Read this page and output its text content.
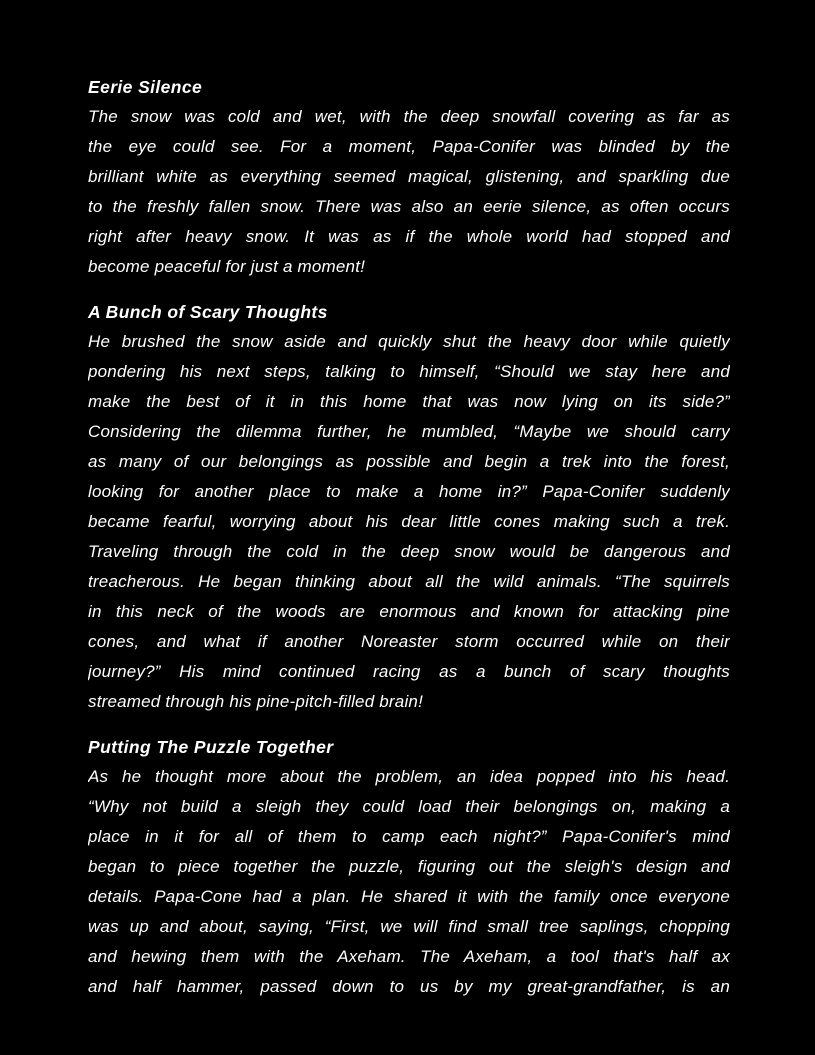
Eerie Silence
The snow was cold and wet, with the deep snowfall covering as far as
the eye could see. For a moment, Papa-Conifer was blinded by the
brilliant white as everything seemed magical, glistening, and sparkling due
to the freshly fallen snow. There was also an eerie silence, as often occurs
right after heavy snow. It was as if the whole world had stopped and
become peaceful for just a moment!
A Bunch of Scary Thoughts
He brushed the snow aside and quickly shut the heavy door while quietly
pondering his next steps, talking to himself, “Should we stay here and
make the best of it in this home that was now lying on its side?”
Considering the dilemma further, he mumbled, “Maybe we should carry
as many of our belongings as possible and begin a trek into the forest,
looking for another place to make a home in?” Papa-Conifer suddenly
became fearful, worrying about his dear little cones making such a trek.
Traveling through the cold in the deep snow would be dangerous and
treacherous. He began thinking about all the wild animals. “The squirrels
in this neck of the woods are enormous and known for attacking pine
cones, and what if another Noreaster storm occurred while on their
journey?” His mind continued racing as a bunch of scary thoughts
streamed through his pine-pitch-filled brain!
Putting The Puzzle Together
As he thought more about the problem, an idea popped into his head.
“Why not build a sleigh they could load their belongings on, making a
place in it for all of them to camp each night?” Papa-Conifer's mind
began to piece together the puzzle, figuring out the sleigh's design and
details. Papa-Cone had a plan. He shared it with the family once everyone
was up and about, saying, “First, we will find small tree saplings, chopping
and hewing them with the Axeham. The Axeham, a tool that's half ax
and half hammer, passed down to us by my great-grandfather, is an
